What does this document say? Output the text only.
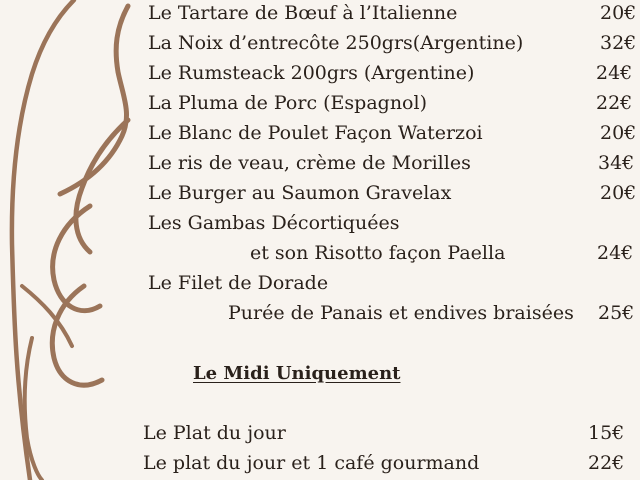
Le Tartare de Bœuf à l’Italienne	20€
La Noix d’entrecôte 250grs(Argentine)	32€
Le Rumsteack 200grs (Argentine)	24€
La Pluma de Porc (Espagnol)	22€
Le Blanc de Poulet Façon Waterzoi	20€
Le ris de veau, crème de Morilles	34€
Le Burger au Saumon Gravelax	20€
Les Gambas Décortiquées
et son Risotto façon Paella	24€
Le Filet de Dorade
Purée de Panais et endives braisées 25€
Le Midi Uniquement
Le Plat du jour	15€
Le plat du jour et 1 café gourmand	22€
